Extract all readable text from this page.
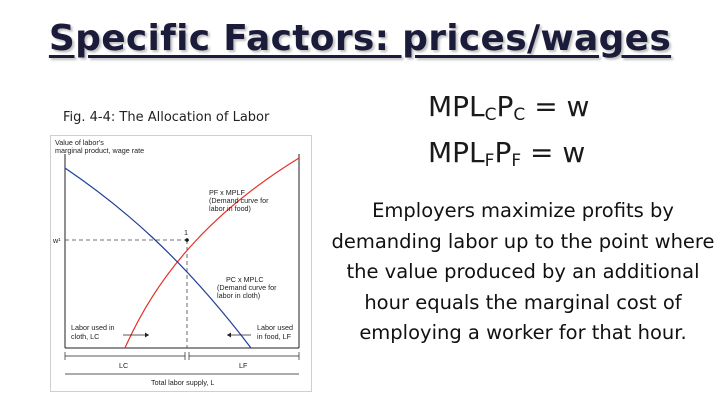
Specific Factors: prices/wages
Fig. 4-4: The Allocation of Labor
1
Value of labor's
marginal product, wage rate
w¹
PF x MPLF
(Demand curve for
labor in food)
PC x MPLC
(Demand curve for
labor in cloth)
Labor used in
cloth, LC
Labor used
in food, LF
LC	LF
Total labor supply, L
$MPL_CP_C = w$
$MPL_FP_F = w$
Employers maximize profits by demanding labor up to the point where the value produced by an additional hour equals the marginal cost of employing a worker for that hour.
